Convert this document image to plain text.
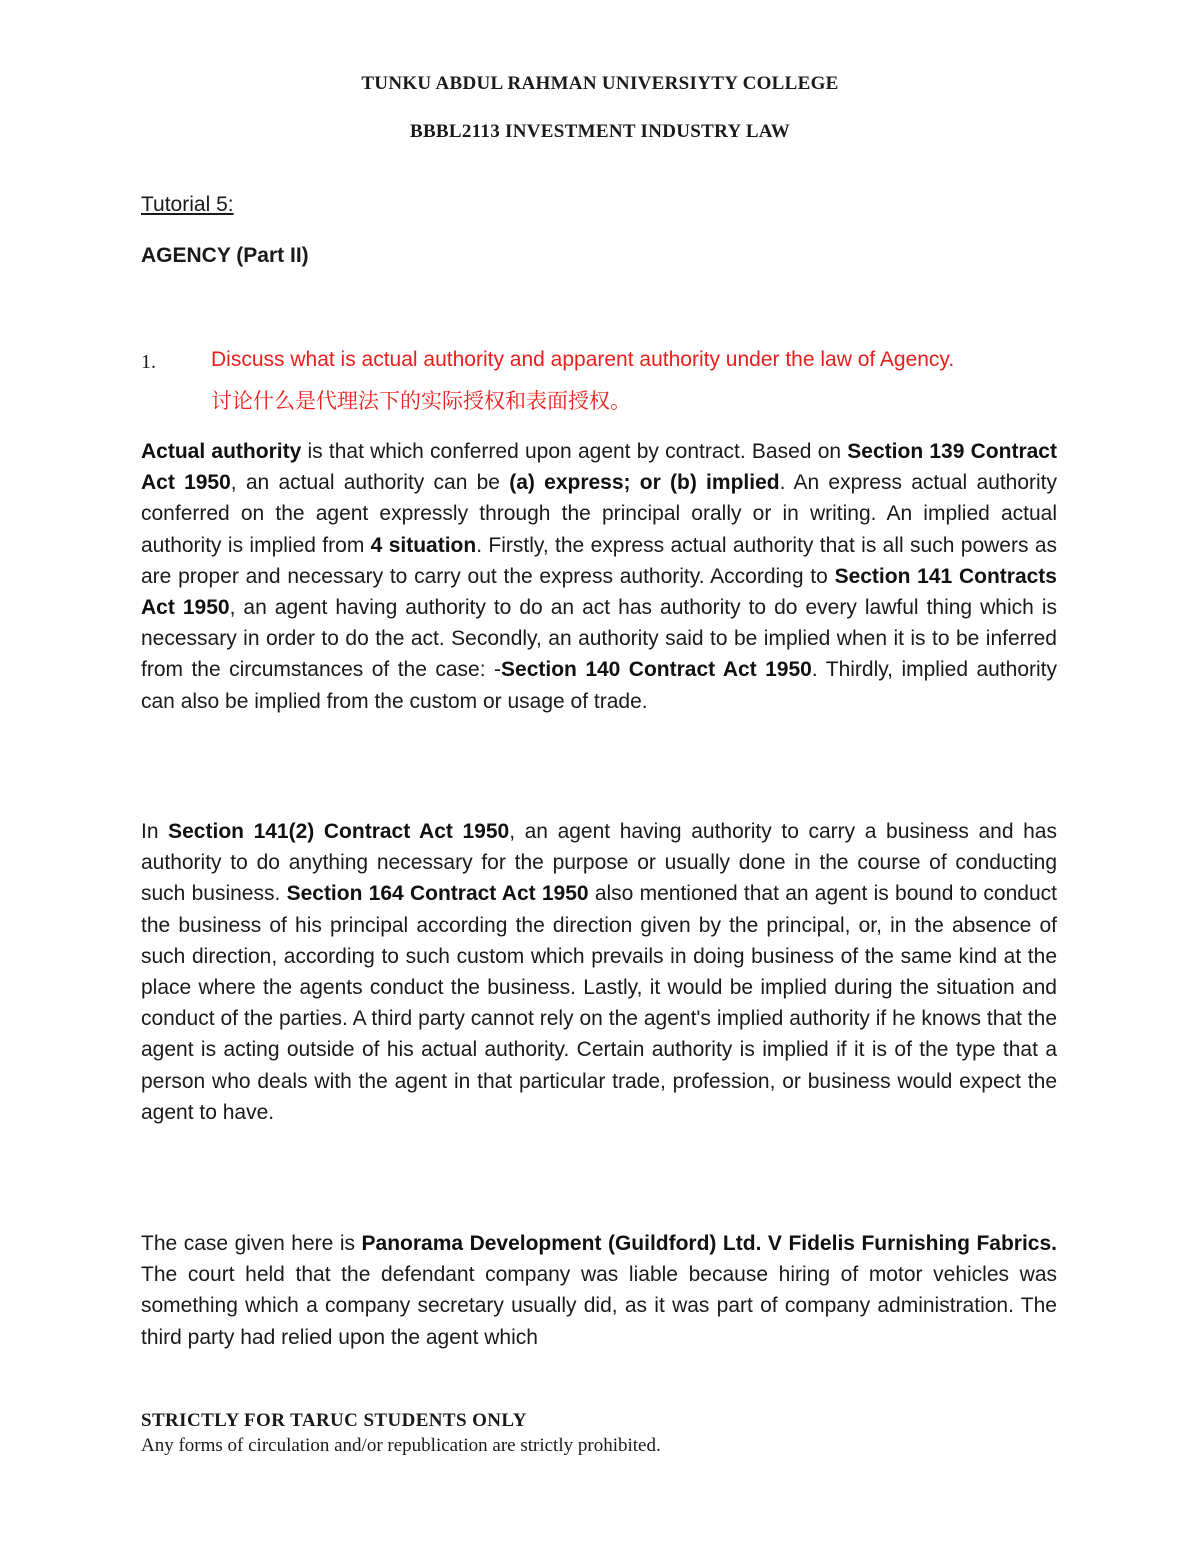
TUNKU ABDUL RAHMAN UNIVERSIYTY COLLEGE
BBBL2113 INVESTMENT INDUSTRY LAW
Tutorial 5:
AGENCY (Part II)
1.	Discuss what is actual authority and apparent authority under the law of Agency.
讨论什么是代理法下的实际授权和表面授权。

Actual authority is that which conferred upon agent by contract. Based on Section 139 Contract Act 1950, an actual authority can be (a) express; or (b) implied. An express actual authority conferred on the agent expressly through the principal orally or in writing. An implied actual authority is implied from 4 situation. Firstly, the express actual authority that is all such powers as are proper and necessary to carry out the express authority. According to Section 141 Contracts Act 1950, an agent having authority to do an act has authority to do every lawful thing which is necessary in order to do the act. Secondly, an authority said to be implied when it is to be inferred from the circumstances of the case: -Section 140 Contract Act 1950. Thirdly, implied authority can also be implied from the custom or usage of trade.

In Section 141(2) Contract Act 1950, an agent having authority to carry a business and has authority to do anything necessary for the purpose or usually done in the course of conducting such business. Section 164 Contract Act 1950 also mentioned that an agent is bound to conduct the business of his principal according the direction given by the principal, or, in the absence of such direction, according to such custom which prevails in doing business of the same kind at the place where the agents conduct the business. Lastly, it would be implied during the situation and conduct of the parties. A third party cannot rely on the agent's implied authority if he knows that the agent is acting outside of his actual authority. Certain authority is implied if it is of the type that a person who deals with the agent in that particular trade, profession, or business would expect the agent to have.

The case given here is Panorama Development (Guildford) Ltd. V Fidelis Furnishing Fabrics. The court held that the defendant company was liable because hiring of motor vehicles was something which a company secretary usually did, as it was part of company administration. The third party had relied upon the agent which

STRICTLY FOR TARUC STUDENTS ONLY
Any forms of circulation and/or republication are strictly prohibited.
